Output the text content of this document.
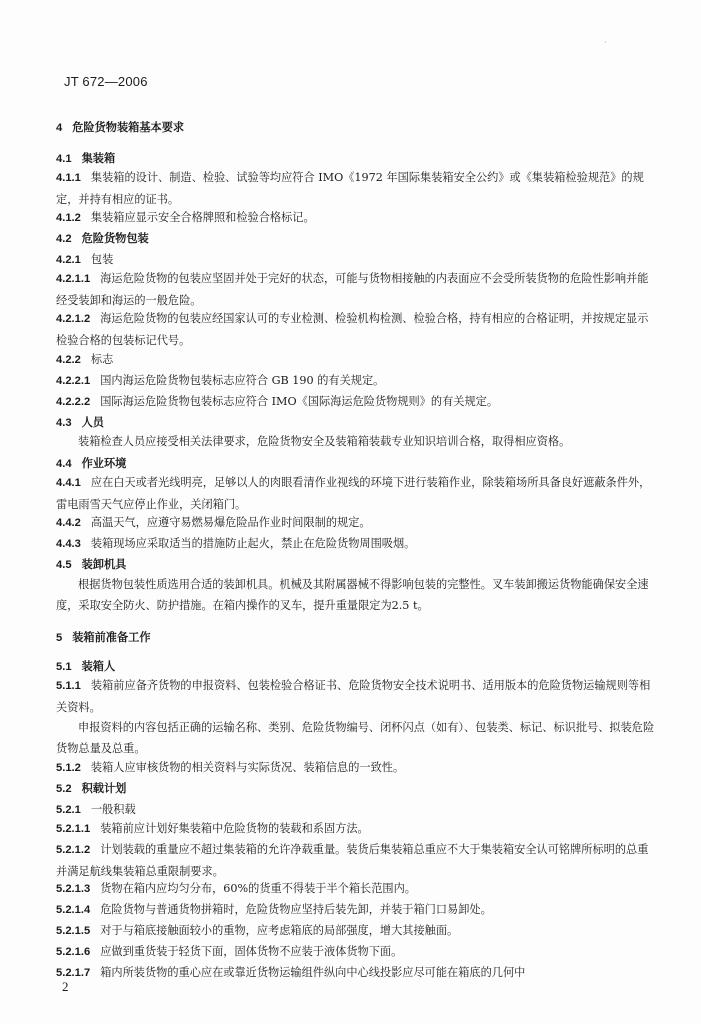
·
JT 672—2006
4 危险货物装箱基本要求
4.1 集装箱
4.1.1 集装箱的设计、制造、检验、试验等均应符合 IMO《1972 年国际集装箱安全公约》或《集装箱检验规范》的规定，并持有相应的证书。
4.1.2 集装箱应显示安全合格牌照和检验合格标记。
4.2 危险货物包装
4.2.1 包装
4.2.1.1 海运危险货物的包装应坚固并处于完好的状态，可能与货物相接触的内表面应不会受所装货物的危险性影响并能经受装卸和海运的一般危险。
4.2.1.2 海运危险货物的包装应经国家认可的专业检测、检验机构检测、检验合格，持有相应的合格证明，并按规定显示检验合格的包装标记代号。
4.2.2 标志
4.2.2.1 国内海运危险货物包装标志应符合 GB 190 的有关规定。
4.2.2.2 国际海运危险货物包装标志应符合 IMO《国际海运危险货物规则》的有关规定。
4.3 人员
装箱检查人员应接受相关法律要求，危险货物安全及装箱箱装载专业知识培训合格，取得相应资格。
4.4 作业环境
4.4.1 应在白天或者光线明亮，足够以人的肉眼看清作业视线的环境下进行装箱作业，除装箱场所具备良好遮蔽条件外，雷电雨雪天气应停止作业，关闭箱门。
4.4.2 高温天气，应遵守易燃易爆危险品作业时间限制的规定。
4.4.3 装箱现场应采取适当的措施防止起火，禁止在危险货物周围吸烟。
4.5 装卸机具
根据货物包装性质选用合适的装卸机具。机械及其附属器械不得影响包装的完整性。叉车装卸搬运货物能确保安全速度，采取安全防火、防护措施。在箱内操作的叉车，提升重量限定为2.5 t。
5 装箱前准备工作
5.1 装箱人
5.1.1 装箱前应备齐货物的申报资料、包装检验合格证书、危险货物安全技术说明书、适用版本的危险货物运输规则等相关资料。
申报资料的内容包括正确的运输名称、类别、危险货物编号、闭杯闪点（如有）、包装类、标记、标识批号、拟装危险货物总量及总重。
5.1.2 装箱人应审核货物的相关资料与实际货况、装箱信息的一致性。
5.2 积载计划
5.2.1 一般积载
5.2.1.1 装箱前应计划好集装箱中危险货物的装载和系固方法。
5.2.1.2 计划装载的重量应不超过集装箱的允许净载重量。装货后集装箱总重应不大于集装箱安全认可铭牌所标明的总重并满足航线集装箱总重限制要求。
5.2.1.3 货物在箱内应均匀分布，60%的货重不得装于半个箱长范围内。
5.2.1.4 危险货物与普通货物拼箱时，危险货物应坚持后装先卸，并装于箱门口易卸处。
5.2.1.5 对于与箱底接触面较小的重物，应考虑箱底的局部强度，增大其接触面。
5.2.1.6 应做到重货装于轻货下面，固体货物不应装于液体货物下面。
5.2.1.7 箱内所装货物的重心应在或靠近货物运输组件纵向中心线投影应尽可能在箱底的几何中
2
